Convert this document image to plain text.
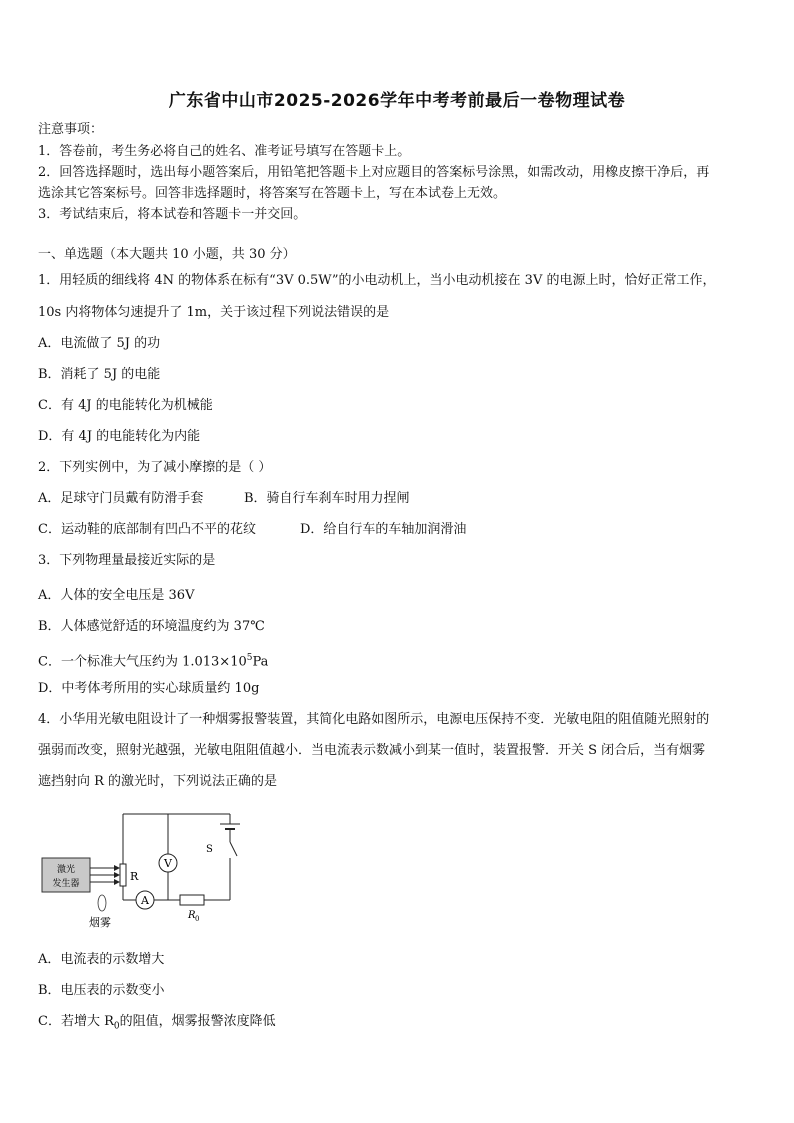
广东省中山市2025-2026学年中考考前最后一卷物理试卷
注意事项：
1．答卷前，考生务必将自己的姓名、准考证号填写在答题卡上。
2．回答选择题时，选出每小题答案后，用铅笔把答题卡上对应题目的答案标号涂黑，如需改动，用橡皮擦干净后，再
选涂其它答案标号。回答非选择题时，将答案写在答题卡上，写在本试卷上无效。
3．考试结束后，将本试卷和答题卡一并交回。
一、单选题（本大题共 10 小题，共 30 分）
1．用轻质的细线将 4N 的物体系在标有“3V 0.5W”的小电动机上，当小电动机接在 3V 的电源上时，恰好正常工作，
10s 内将物体匀速提升了 1m，关于该过程下列说法错误的是
A．电流做了 5J 的功
B．消耗了 5J 的电能
C．有 4J 的电能转化为机械能
D．有 4J 的电能转化为内能
2．下列实例中，为了减小摩擦的是（ ）
A．足球守门员戴有防滑手套	B．骑自行车刹车时用力捏闸
C．运动鞋的底部制有凹凸不平的花纹	D．给自行车的车轴加润滑油
3．下列物理量最接近实际的是
A．人体的安全电压是 36V
B．人体感觉舒适的环境温度约为 37℃
C．一个标准大气压约为 $1.013\times 10^5Pa$
D．中考体考所用的实心球质量约 10g
4．小华用光敏电阻设计了一种烟雾报警装置，其简化电路如图所示，电源电压保持不变．光敏电阻的阻值随光照射的
强弱而改变，照射光越强，光敏电阻阻值越小．当电流表示数减小到某一值时，装置报警．开关 S 闭合后，当有烟雾
遮挡射向 R 的激光时，下列说法正确的是
激光
发生器
R
A
R 0
V
S
烟雾
A．电流表的示数增大
B．电压表的示数变小
C．若增大 $R_0$的阻值，烟雾报警浓度降低
